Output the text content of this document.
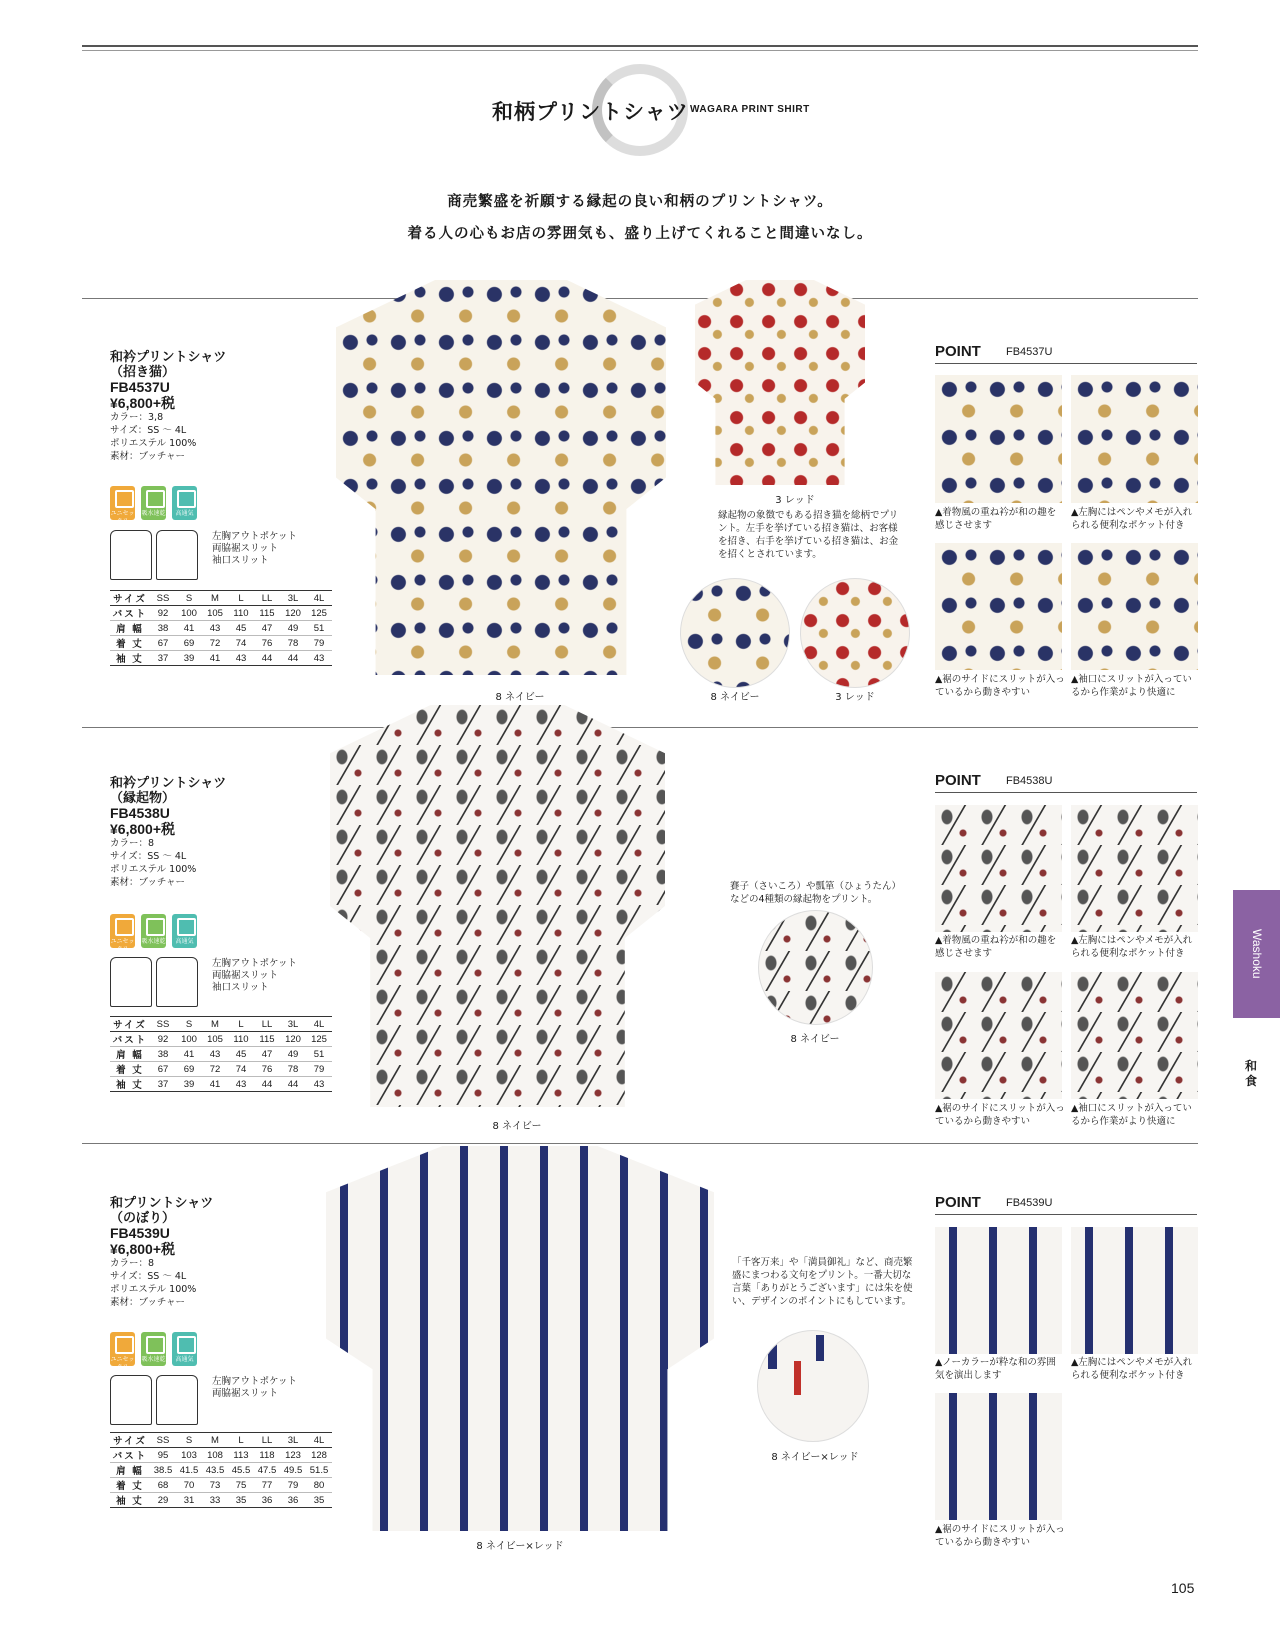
和柄プリントシャツ WAGARA PRINT SHIRT
商売繁盛を祈願する縁起の良い和柄のプリントシャツ。
着る人の心もお店の雰囲気も、盛り上げてくれること間違いなし。
和衿プリントシャツ
（招き猫）
FB4537U
¥6,800+税
カラー：3,8
サイズ：SS ～ 4L
ポリエステル 100%
素材：ブッチャー
ユニセックス
吸水速乾	高通気
左胸アウトポケット
両脇裾スリット
袖口スリット
サイズ	SS	S	M	L	LL	3L	4L
バスト	92	100	105	110	115	120	125
肩 幅	38	41	43	45	47	49	51
着 丈	67	69	72	74	76	78	79
袖 丈	37	39	41	43	44	44	43
8 ネイビー
3 レッド
縁起物の象徴でもある招き猫を総柄でプリント。左手を挙げている招き猫は、お客様を招き、右手を挙げている招き猫は、お金を招くとされています。
8 ネイビー	3 レッド
POINT FB4537U
▲着物風の重ね衿が和の趣を感じさせます
▲左胸にはペンやメモが入れられる便利なポケット付き
▲裾のサイドにスリットが入っているから動きやすい
▲袖口にスリットが入っているから作業がより快適に
和衿プリントシャツ
（縁起物）
FB4538U
¥6,800+税
カラー：8
サイズ：SS ～ 4L
ポリエステル 100%
素材：ブッチャー
ユニセックス
吸水速乾	高通気
左胸アウトポケット
両脇裾スリット
袖口スリット
サイズ	SS	S	M	L	LL	3L	4L
バスト	92	100	105	110	115	120	125
肩 幅	38	41	43	45	47	49	51
着 丈	67	69	72	74	76	78	79
袖 丈	37	39	41	43	44	44	43
8 ネイビー
賽子（さいころ）や瓢箪（ひょうたん）などの4種類の縁起物をプリント。
8 ネイビー
POINT FB4538U
▲着物風の重ね衿が和の趣を感じさせます
▲左胸にはペンやメモが入れられる便利なポケット付き
▲裾のサイドにスリットが入っているから動きやすい
▲袖口にスリットが入っているから作業がより快適に
和プリントシャツ
（のぼり）
FB4539U
¥6,800+税
カラー：8
サイズ：SS ～ 4L
ポリエステル 100%
素材：ブッチャー
ユニセックス
吸水速乾	高通気
左胸アウトポケット
両脇裾スリット
サイズ	SS	S	M	L	LL	3L	4L
バスト	95	103	108	113	118	123	128
肩 幅	38.5	41.5	43.5	45.5	47.5	49.5	51.5
着 丈	68	70	73	75	77	79	80
袖 丈	29	31	33	35	36	36	35
8 ネイビー×レッド
「千客万来」や「満員御礼」など、商売繁盛にまつわる文句をプリント。一番大切な言葉「ありがとうございます」には朱を使い、デザインのポイントにもしています。
8 ネイビー×レッド
POINT FB4539U
▲ノーカラーが粋な和の雰囲気を演出します
▲左胸にはペンやメモが入れられる便利なポケット付き
▲裾のサイドにスリットが入っているから動きやすい
Washoku
和食
105
